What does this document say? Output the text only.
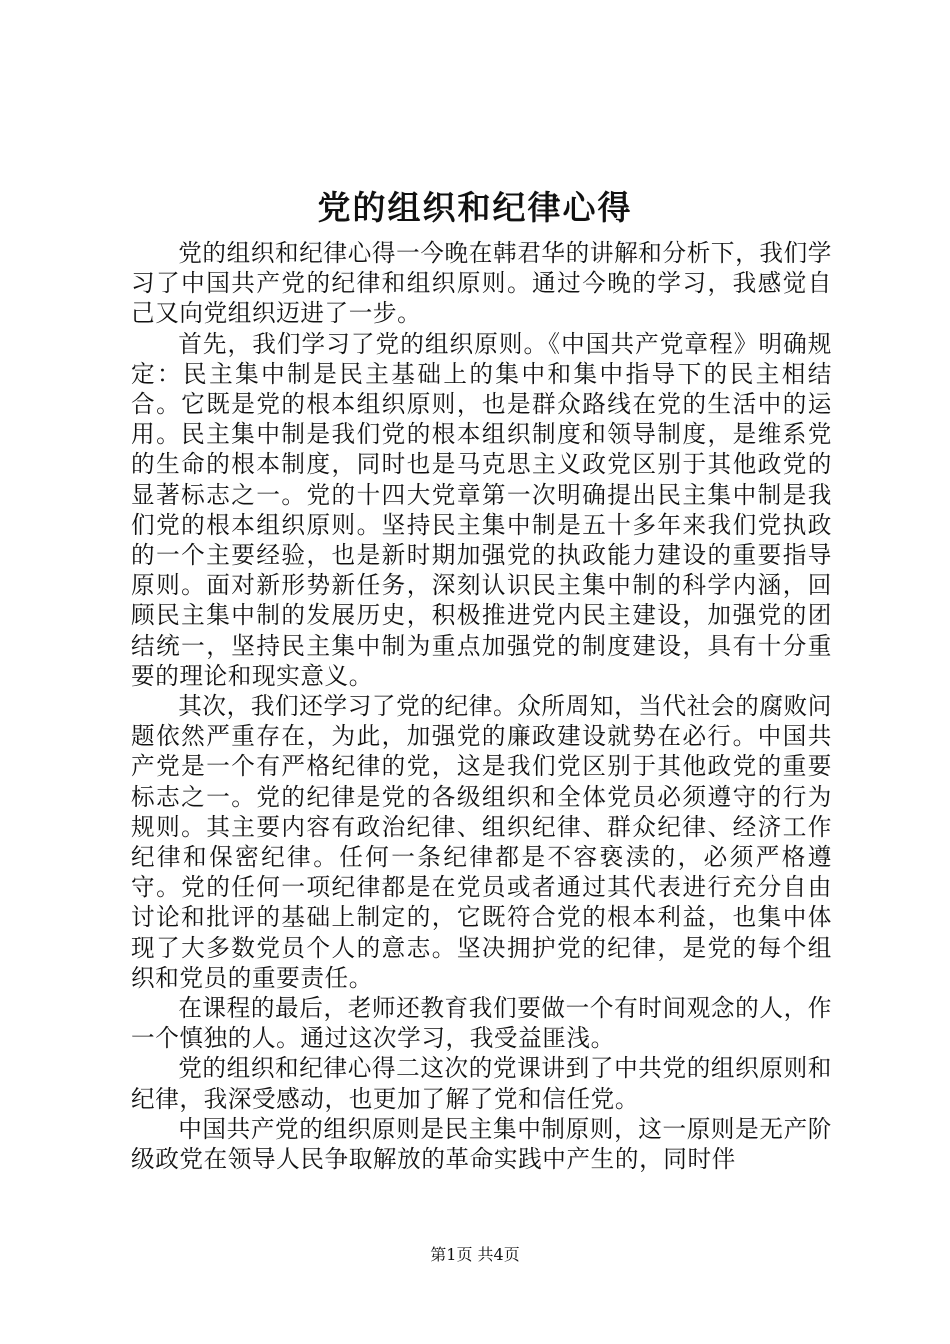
党的组织和纪律心得

党的组织和纪律心得一今晚在韩君华的讲解和分析下，我们学习了中国共产党的纪律和组织原则。通过今晚的学习，我感觉自己又向党组织迈进了一步。

首先，我们学习了党的组织原则。《中国共产党章程》明确规定：民主集中制是民主基础上的集中和集中指导下的民主相结合。它既是党的根本组织原则，也是群众路线在党的生活中的运用。民主集中制是我们党的根本组织制度和领导制度，是维系党的生命的根本制度，同时也是马克思主义政党区别于其他政党的显著标志之一。党的十四大党章第一次明确提出民主集中制是我们党的根本组织原则。坚持民主集中制是五十多年来我们党执政的一个主要经验，也是新时期加强党的执政能力建设的重要指导原则。面对新形势新任务，深刻认识民主集中制的科学内涵，回顾民主集中制的发展历史，积极推进党内民主建设，加强党的团结统一，坚持民主集中制为重点加强党的制度建设，具有十分重要的理论和现实意义。

其次，我们还学习了党的纪律。众所周知，当代社会的腐败问题依然严重存在，为此，加强党的廉政建设就势在必行。中国共产党是一个有严格纪律的党，这是我们党区别于其他政党的重要标志之一。党的纪律是党的各级组织和全体党员必须遵守的行为规则。其主要内容有政治纪律、组织纪律、群众纪律、经济工作纪律和保密纪律。任何一条纪律都是不容亵渎的，必须严格遵守。党的任何一项纪律都是在党员或者通过其代表进行充分自由讨论和批评的基础上制定的，它既符合党的根本利益，也集中体现了大多数党员个人的意志。坚决拥护党的纪律，是党的每个组织和党员的重要责任。

在课程的最后，老师还教育我们要做一个有时间观念的人，作一个慎独的人。通过这次学习，我受益匪浅。

党的组织和纪律心得二这次的党课讲到了中共党的组织原则和纪律，我深受感动，也更加了解了党和信任党。

中国共产党的组织原则是民主集中制原则，这一原则是无产阶级政党在领导人民争取解放的革命实践中产生的，同时伴

第1页 共4页
